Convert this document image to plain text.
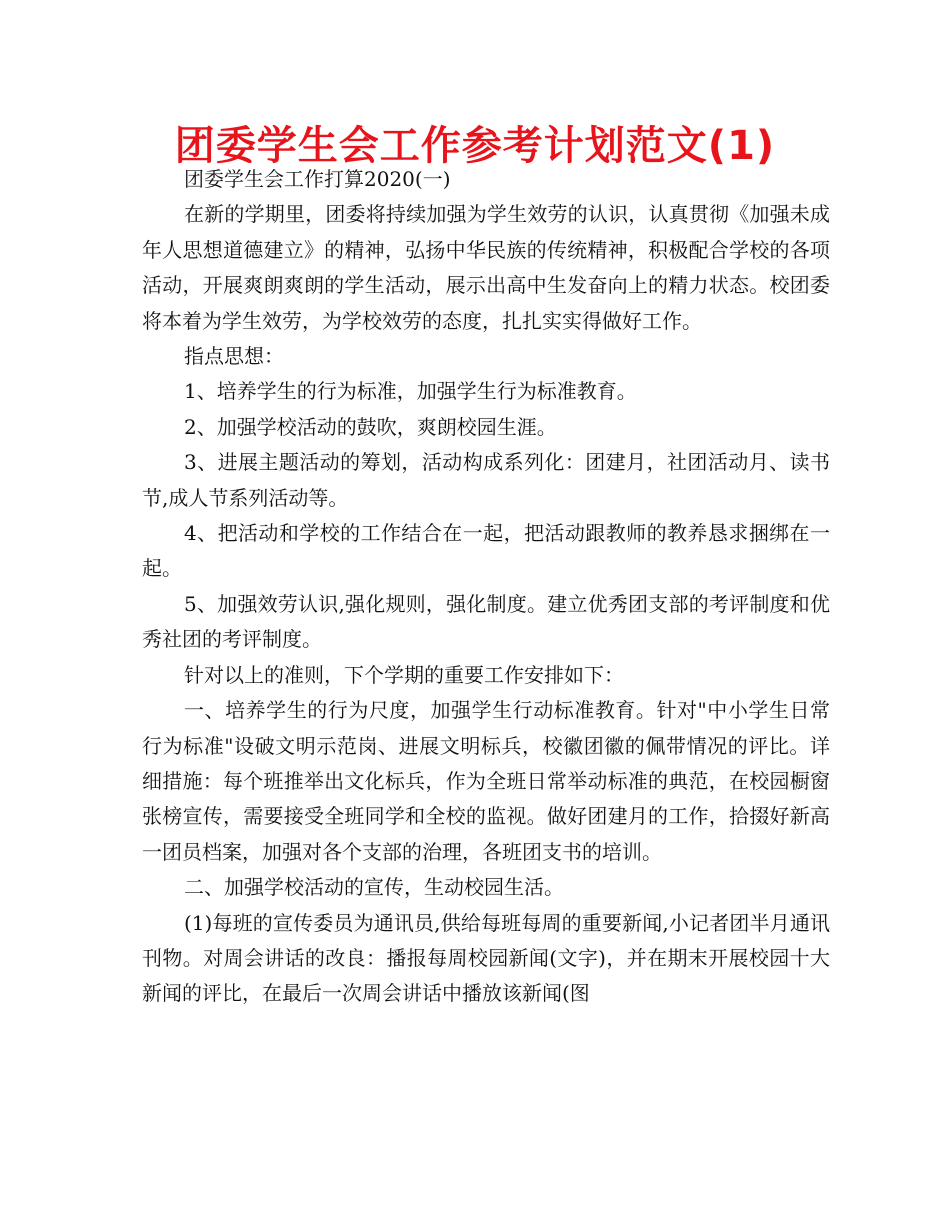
团委学生会工作参考计划范文(1)

团委学生会工作打算2020(一)

在新的学期里，团委将持续加强为学生效劳的认识，认真贯彻《加强未成年人思想道德建立》的精神，弘扬中华民族的传统精神，积极配合学校的各项活动，开展爽朗爽朗的学生活动，展示出高中生发奋向上的精力状态。校团委将本着为学生效劳，为学校效劳的态度，扎扎实实得做好工作。

指点思想：

1、培养学生的行为标准，加强学生行为标准教育。

2、加强学校活动的鼓吹，爽朗校园生涯。

3、进展主题活动的筹划，活动构成系列化：团建月，社团活动月、读书节,成人节系列活动等。

4、把活动和学校的工作结合在一起，把活动跟教师的教养恳求捆绑在一起。

5、加强效劳认识,强化规则，强化制度。建立优秀团支部的考评制度和优秀社团的考评制度。

针对以上的准则，下个学期的重要工作安排如下：

一、培养学生的行为尺度，加强学生行动标准教育。针对"中小学生日常行为标准"设破文明示范岗、进展文明标兵，校徽团徽的佩带情况的评比。详细措施：每个班推举出文化标兵，作为全班日常举动标准的典范，在校园橱窗张榜宣传，需要接受全班同学和全校的监视。做好团建月的工作，拾掇好新高一团员档案，加强对各个支部的治理，各班团支书的培训。

二、加强学校活动的宣传，生动校园生活。

(1)每班的宣传委员为通讯员,供给每班每周的重要新闻,小记者团半月通讯刊物。对周会讲话的改良：播报每周校园新闻(文字)，并在期末开展校园十大新闻的评比，在最后一次周会讲话中播放该新闻(图
